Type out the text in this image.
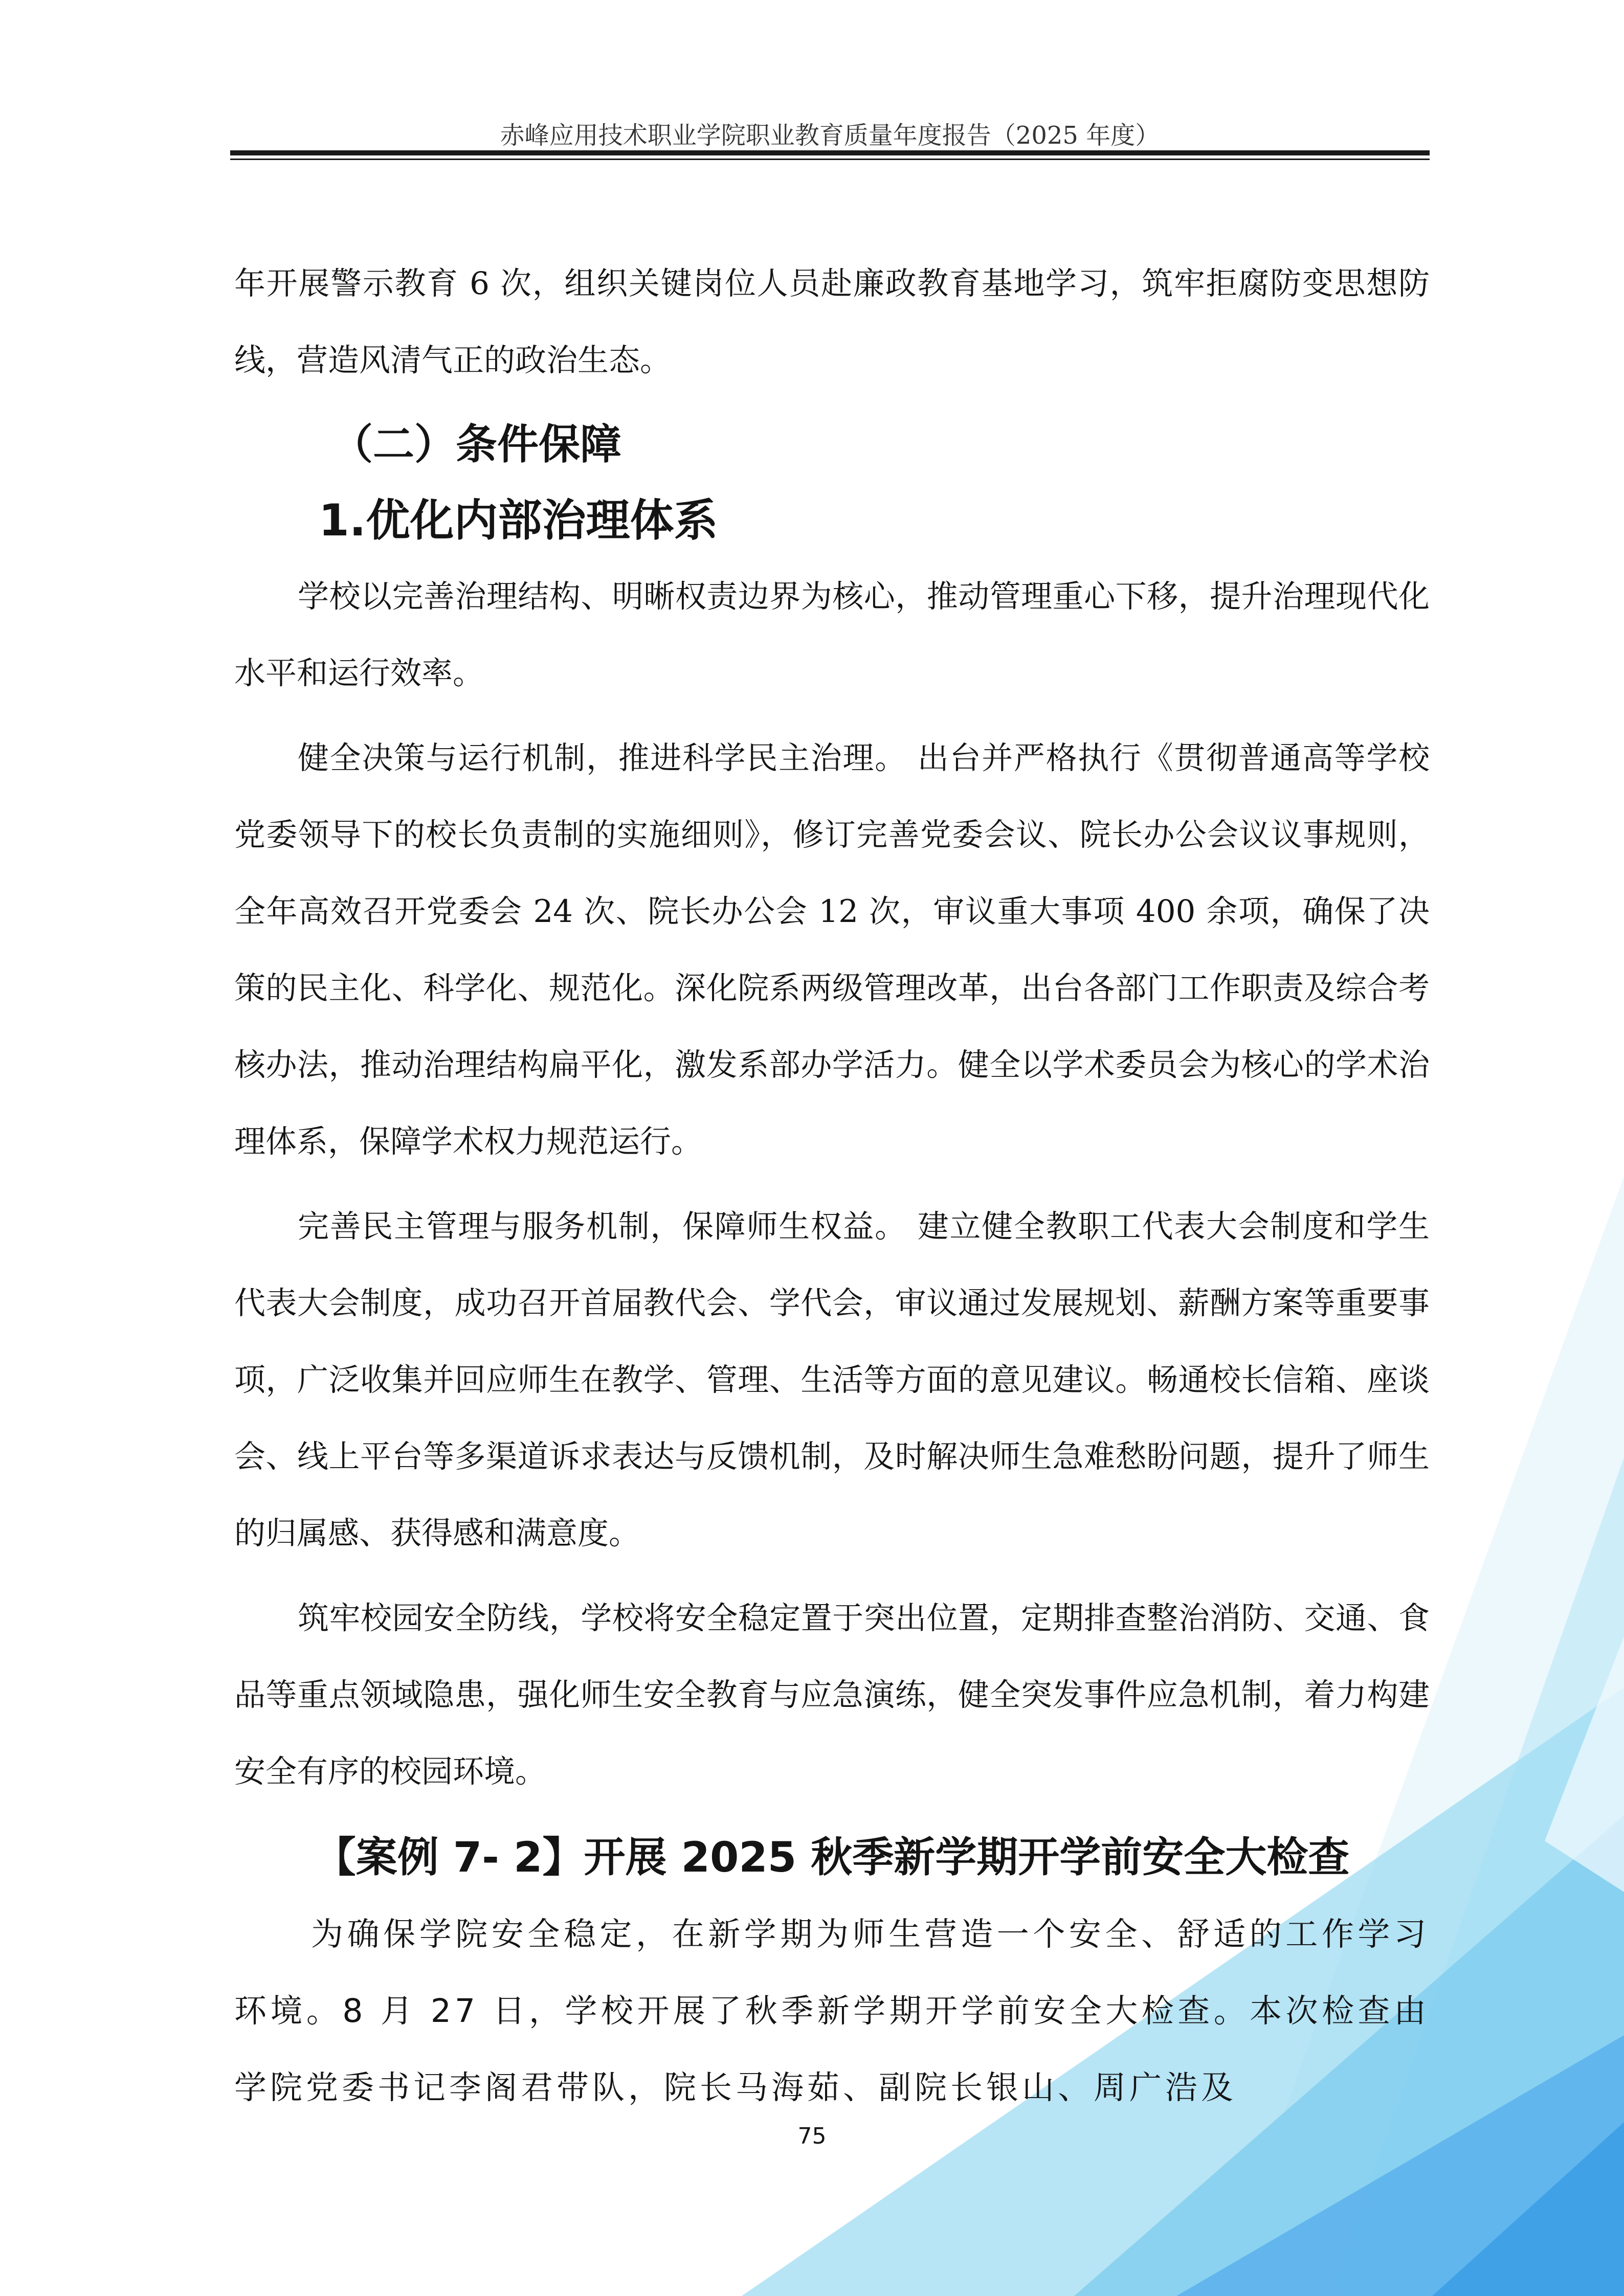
赤峰应用技术职业学院职业教育质量年度报告（2025 年度）

年开展警示教育 6 次，组织关键岗位人员赴廉政教育基地学习，筑牢拒腐防变思想防线，营造风清气正的政治生态。

（二）条件保障
1.优化内部治理体系

学校以完善治理结构、明晰权责边界为核心，推动管理重心下移，提升治理现代化水平和运行效率。

健全决策与运行机制，推进科学民主治理。 出台并严格执行《贯彻普通高等学校党委领导下的校长负责制的实施细则》，修订完善党委会议、院长办公会议议事规则，全年高效召开党委会 24 次、院长办公会 12 次，审议重大事项 400 余项，确保了决策的民主化、科学化、规范化。深化院系两级管理改革，出台各部门工作职责及综合考核办法，推动治理结构扁平化，激发系部办学活力。健全以学术委员会为核心的学术治理体系，保障学术权力规范运行。

完善民主管理与服务机制，保障师生权益。 建立健全教职工代表大会制度和学生代表大会制度，成功召开首届教代会、学代会，审议通过发展规划、薪酬方案等重要事项，广泛收集并回应师生在教学、管理、生活等方面的意见建议。畅通校长信箱、座谈会、线上平台等多渠道诉求表达与反馈机制，及时解决师生急难愁盼问题，提升了师生的归属感、获得感和满意度。

筑牢校园安全防线，学校将安全稳定置于突出位置，定期排查整治消防、交通、食品等重点领域隐患，强化师生安全教育与应急演练，健全突发事件应急机制，着力构建安全有序的校园环境。

【案例 7- 2】开展 2025 秋季新学期开学前安全大检查

为确保学院安全稳定，在新学期为师生营造一个安全、舒适的工作学习环境。8 月 27 日，学校开展了秋季新学期开学前安全大检查。本次检查由学院党委书记李阁君带队，院长马海茹、副院长银山、周广浩及

75
